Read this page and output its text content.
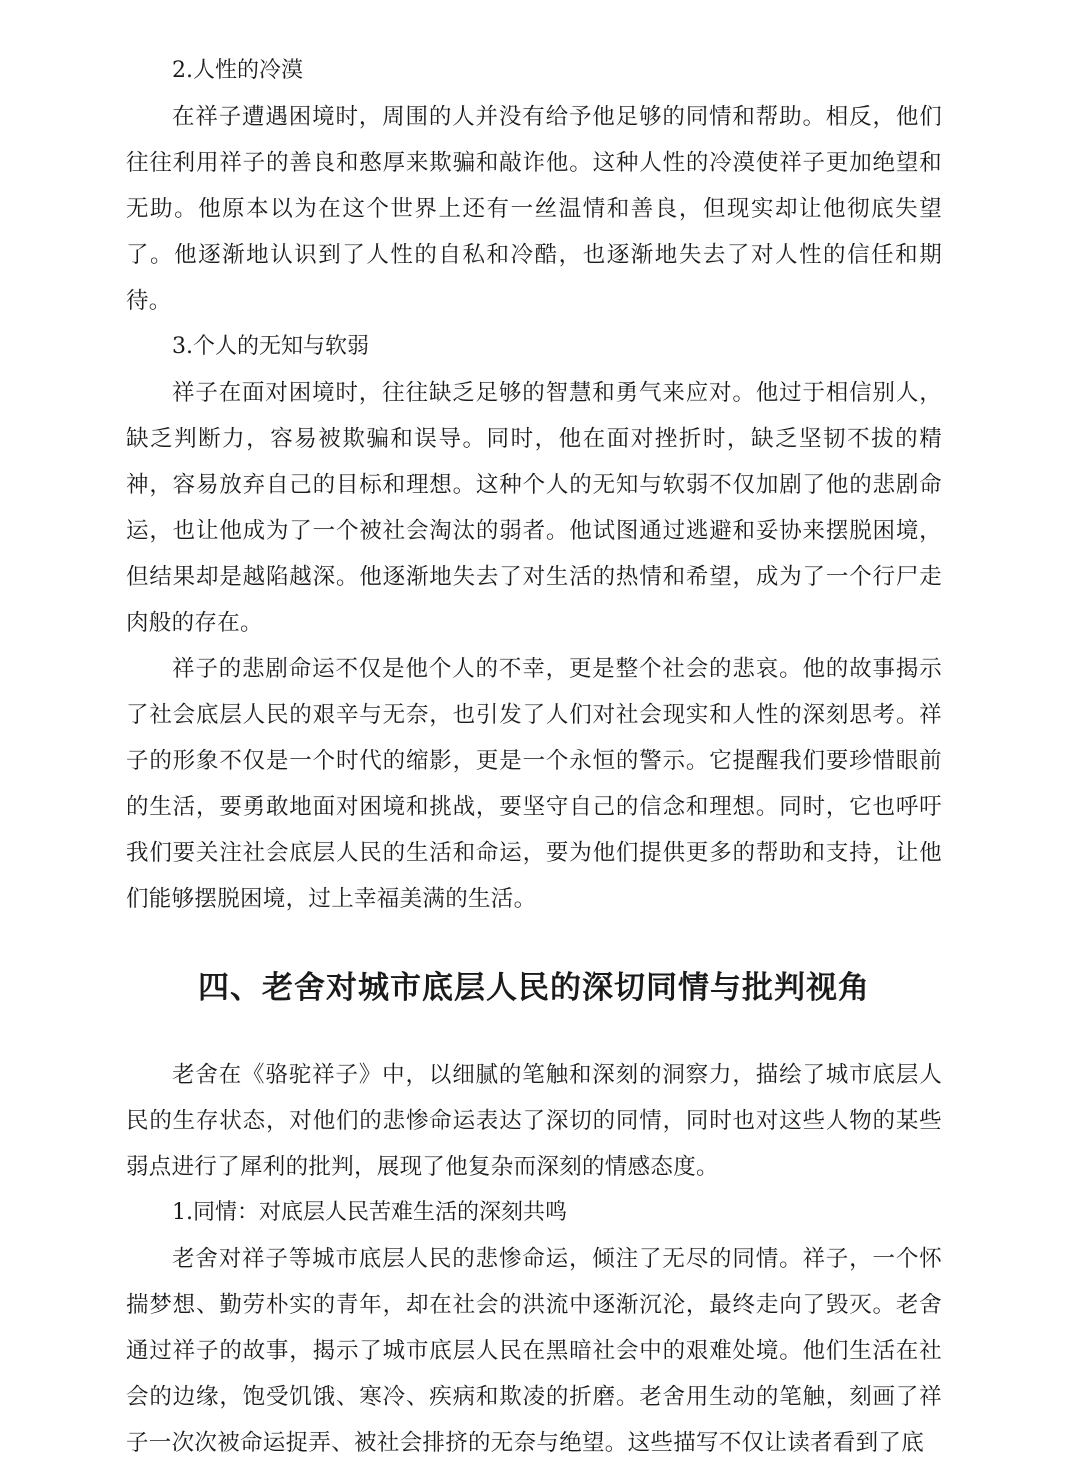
2.人性的冷漠

在祥子遭遇困境时，周围的人并没有给予他足够的同情和帮助。相反，他们往往利用祥子的善良和憨厚来欺骗和敲诈他。这种人性的冷漠使祥子更加绝望和无助。他原本以为在这个世界上还有一丝温情和善良，但现实却让他彻底失望了。他逐渐地认识到了人性的自私和冷酷，也逐渐地失去了对人性的信任和期待。

3.个人的无知与软弱

祥子在面对困境时，往往缺乏足够的智慧和勇气来应对。他过于相信别人，缺乏判断力，容易被欺骗和误导。同时，他在面对挫折时，缺乏坚韧不拔的精神，容易放弃自己的目标和理想。这种个人的无知与软弱不仅加剧了他的悲剧命运，也让他成为了一个被社会淘汰的弱者。他试图通过逃避和妥协来摆脱困境，但结果却是越陷越深。他逐渐地失去了对生活的热情和希望，成为了一个行尸走肉般的存在。

祥子的悲剧命运不仅是他个人的不幸，更是整个社会的悲哀。他的故事揭示了社会底层人民的艰辛与无奈，也引发了人们对社会现实和人性的深刻思考。祥子的形象不仅是一个时代的缩影，更是一个永恒的警示。它提醒我们要珍惜眼前的生活，要勇敢地面对困境和挑战，要坚守自己的信念和理想。同时，它也呼吁我们要关注社会底层人民的生活和命运，要为他们提供更多的帮助和支持，让他们能够摆脱困境，过上幸福美满的生活。

四、老舍对城市底层人民的深切同情与批判视角

老舍在《骆驼祥子》中，以细腻的笔触和深刻的洞察力，描绘了城市底层人民的生存状态，对他们的悲惨命运表达了深切的同情，同时也对这些人物的某些弱点进行了犀利的批判，展现了他复杂而深刻的情感态度。

1.同情：对底层人民苦难生活的深刻共鸣

老舍对祥子等城市底层人民的悲惨命运，倾注了无尽的同情。祥子，一个怀揣梦想、勤劳朴实的青年，却在社会的洪流中逐渐沉沦，最终走向了毁灭。老舍通过祥子的故事，揭示了城市底层人民在黑暗社会中的艰难处境。他们生活在社会的边缘，饱受饥饿、寒冷、疾病和欺凌的折磨。老舍用生动的笔触，刻画了祥子一次次被命运捉弄、被社会排挤的无奈与绝望。这些描写不仅让读者看到了底
